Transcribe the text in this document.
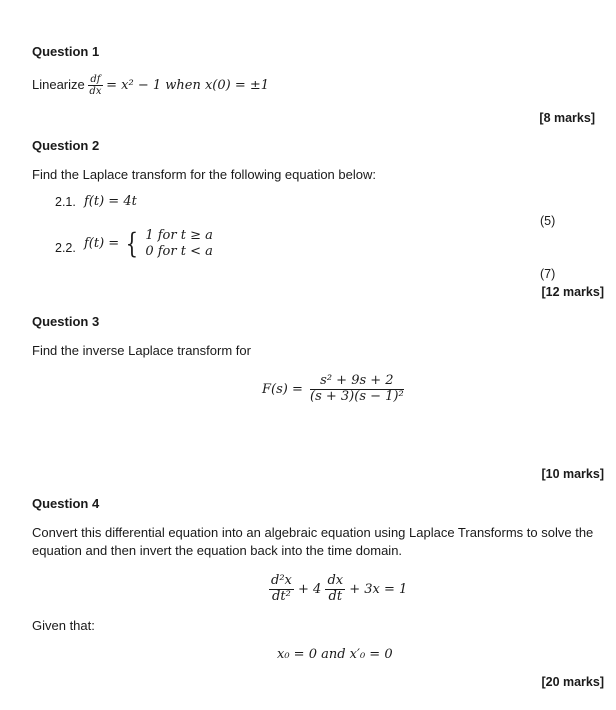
Question 1
Linearize $\frac{df}{dx} = x^2 - 1$ when x(0) = ±1
[8 marks]
Question 2
Find the Laplace transform for the following equation below:
2.1. f(t) = 4t
(5)
2.2. f(t) = { 1 for t ≥ a
0 for t < a
(7)
[12 marks]
Question 3
Find the inverse Laplace transform for
$F(s) = \frac{\text{s² + 9s + 2}}{\text{(s + 3)(s − 1)²}}$
[10 marks]
Question 4
Convert this differential equation into an algebraic equation using Laplace Transforms to solve the
equation and then invert the equation back into the time domain.
$\frac{\text{d²x}}{\text{dt²}} + 4 \frac{dx}{dt} + 3x = 1$
Given that:
x₀ = 0 and x′₀ = 0
[20 marks]
